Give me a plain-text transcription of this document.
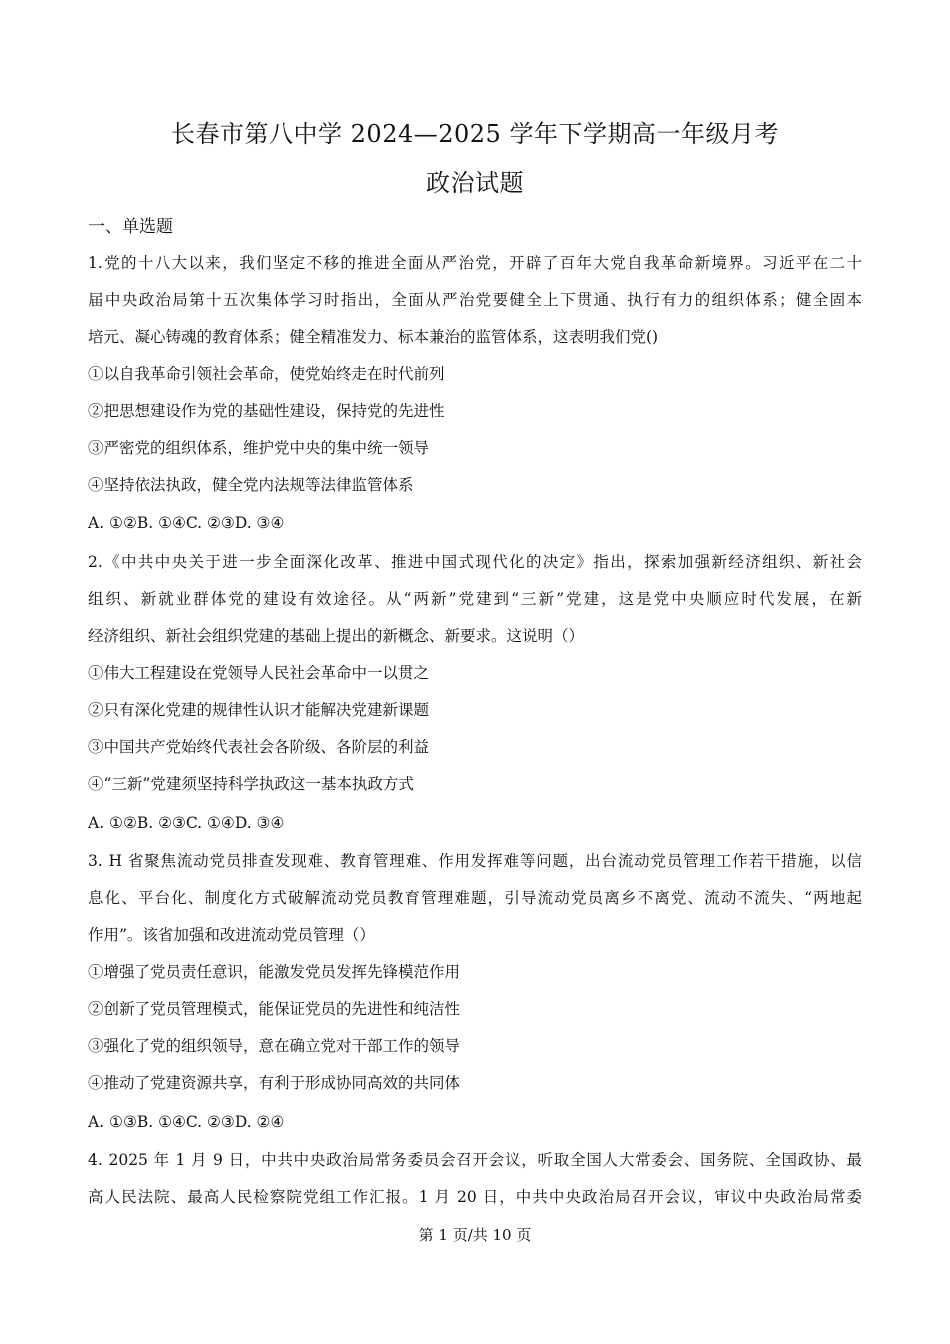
长春市第八中学 2024—2025 学年下学期高一年级月考
政治试题
一、单选题
1.党的十八大以来，我们坚定不移的推进全面从严治党，开辟了百年大党自我革命新境界。习近平在二十
届中央政治局第十五次集体学习时指出，全面从严治党要健全上下贯通、执行有力的组织体系；健全固本
培元、凝心铸魂的教育体系；健全精准发力、标本兼治的监管体系，这表明我们党()
①以自我革命引领社会革命，使党始终走在时代前列
②把思想建设作为党的基础性建设，保持党的先进性
③严密党的组织体系，维护党中央的集中统一领导
④坚持依法执政，健全党内法规等法律监管体系
A. ①②B. ①④C. ②③D. ③④
2.《中共中央关于进一步全面深化改革、推进中国式现代化的决定》指出，探索加强新经济组织、新社会
组织、新就业群体党的建设有效途径。从“两新”党建到“三新”党建，这是党中央顺应时代发展，在新
经济组织、新社会组织党建的基础上提出的新概念、新要求。这说明（）
①伟大工程建设在党领导人民社会革命中一以贯之
②只有深化党建的规律性认识才能解决党建新课题
③中国共产党始终代表社会各阶级、各阶层的利益
④“三新”党建须坚持科学执政这一基本执政方式
A. ①②B. ②③C. ①④D. ③④
3. H 省聚焦流动党员排查发现难、教育管理难、作用发挥难等问题，出台流动党员管理工作若干措施，以信
息化、平台化、制度化方式破解流动党员教育管理难题，引导流动党员离乡不离党、流动不流失、“两地起
作用”。该省加强和改进流动党员管理（）
①增强了党员责任意识，能激发党员发挥先锋模范作用
②创新了党员管理模式，能保证党员的先进性和纯洁性
③强化了党的组织领导，意在确立党对干部工作的领导
④推动了党建资源共享，有利于形成协同高效的共同体
A. ①③B. ①④C. ②③D. ②④
4. 2025 年 1 月 9 日，中共中央政治局常务委员会召开会议，听取全国人大常委会、国务院、全国政协、最
高人民法院、最高人民检察院党组工作汇报。1 月 20 日，中共中央政治局召开会议，审议中央政治局常委
第 1 页/共 10 页
